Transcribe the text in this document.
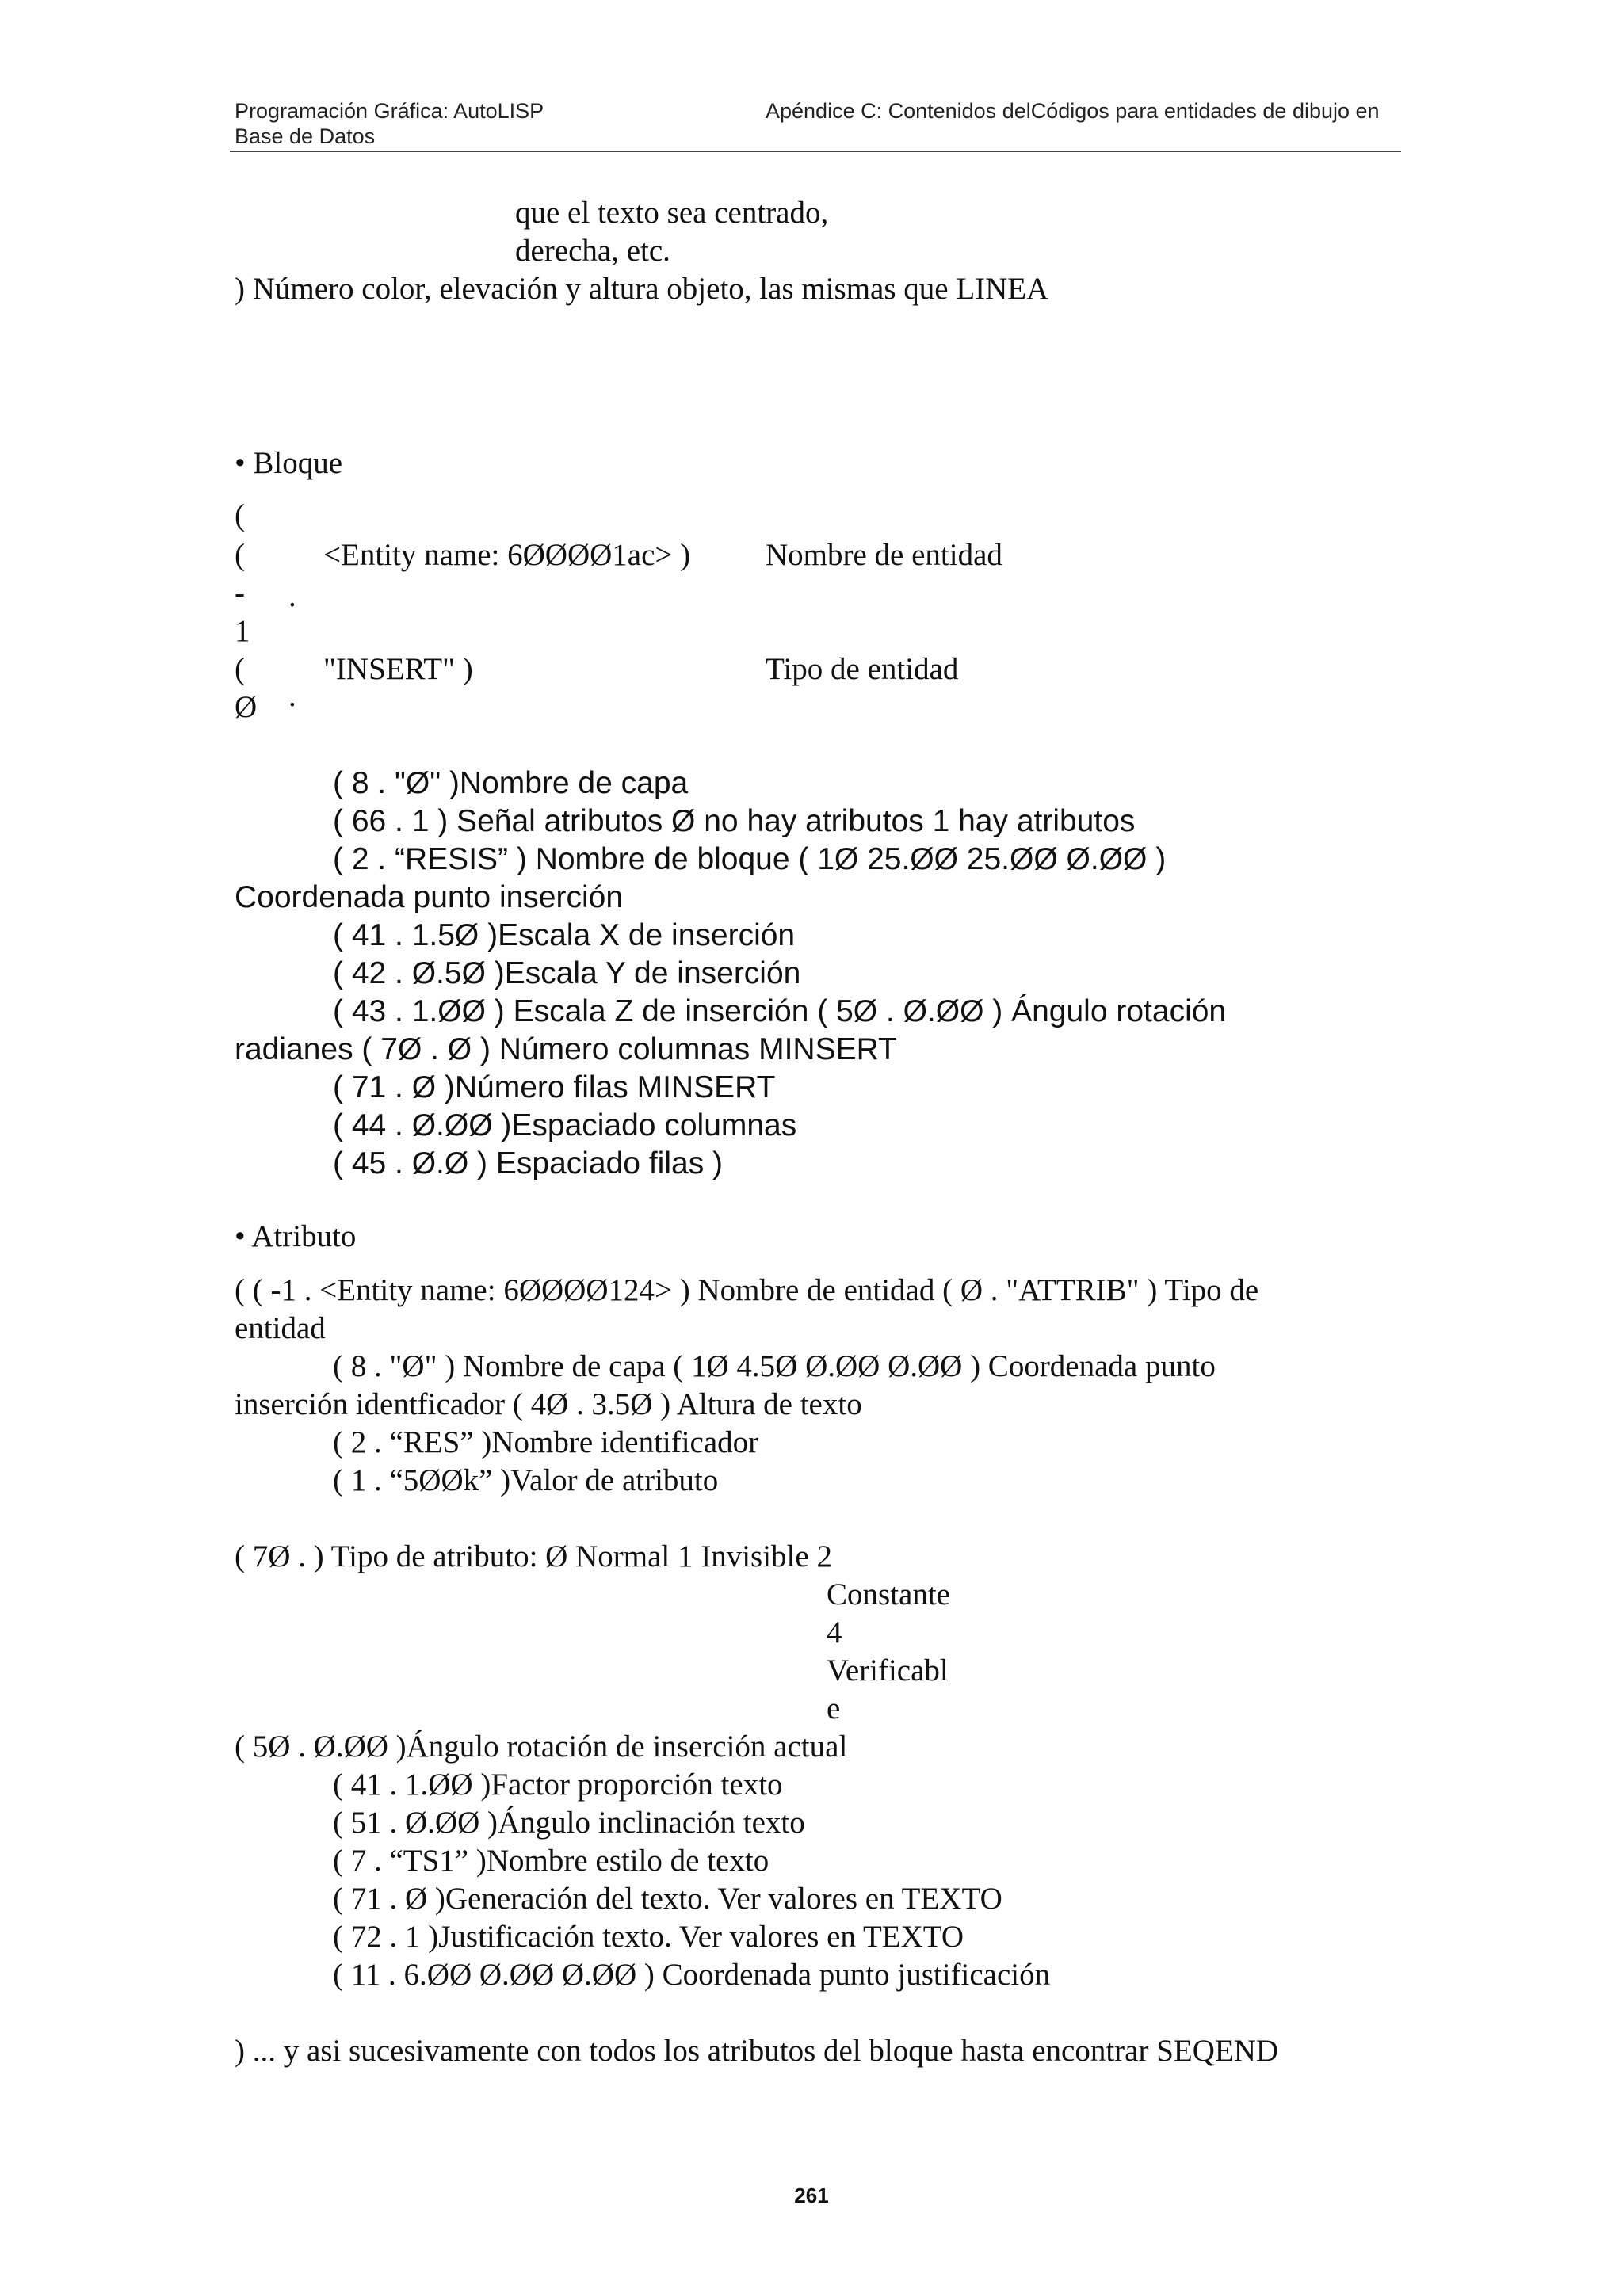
Programación Gráfica: AutoLISP
Base de Datos
Apéndice C: Contenidos delCódigos para entidades de dibujo en
que el texto sea centrado,
derecha, etc.
) Número color, elevación y altura objeto, las mismas que LINEA
• Bloque
(
(	<Entity name: 6ØØØØ1ac> ) Nombre de entidad
- .
1
(	"INSERT" )	Tipo de entidad
Ø .
( 8 . "Ø" )Nombre de capa
( 66 . 1 ) Señal atributos Ø no hay atributos 1 hay atributos
( 2 . “RESIS” ) Nombre de bloque ( 1Ø 25.ØØ 25.ØØ Ø.ØØ )
Coordenada punto inserción
( 41 . 1.5Ø )Escala X de inserción
( 42 . Ø.5Ø )Escala Y de inserción
( 43 . 1.ØØ ) Escala Z de inserción ( 5Ø . Ø.ØØ ) Ángulo rotación
radianes ( 7Ø . Ø ) Número columnas MINSERT
( 71 . Ø )Número filas MINSERT
( 44 . Ø.ØØ )Espaciado columnas
( 45 . Ø.Ø ) Espaciado filas )
• Atributo
( ( -1 . <Entity name: 6ØØØØ124> ) Nombre de entidad ( Ø . "ATTRIB" ) Tipo de
entidad
( 8 . "Ø" ) Nombre de capa ( 1Ø 4.5Ø Ø.ØØ Ø.ØØ ) Coordenada punto
inserción identficador ( 4Ø . 3.5Ø ) Altura de texto
( 2 . “RES” )Nombre identificador
( 1 . “5ØØk” )Valor de atributo
( 7Ø . ) Tipo de atributo: Ø Normal 1 Invisible 2
Constante
4
Verificabl
e
( 5Ø . Ø.ØØ )Ángulo rotación de inserción actual
( 41 . 1.ØØ )Factor proporción texto
( 51 . Ø.ØØ )Ángulo inclinación texto
( 7 . “TS1” )Nombre estilo de texto
( 71 . Ø )Generación del texto. Ver valores en TEXTO
( 72 . 1 )Justificación texto. Ver valores en TEXTO
( 11 . 6.ØØ Ø.ØØ Ø.ØØ ) Coordenada punto justificación
) ... y asi sucesivamente con todos los atributos del bloque hasta encontrar SEQEND
261
